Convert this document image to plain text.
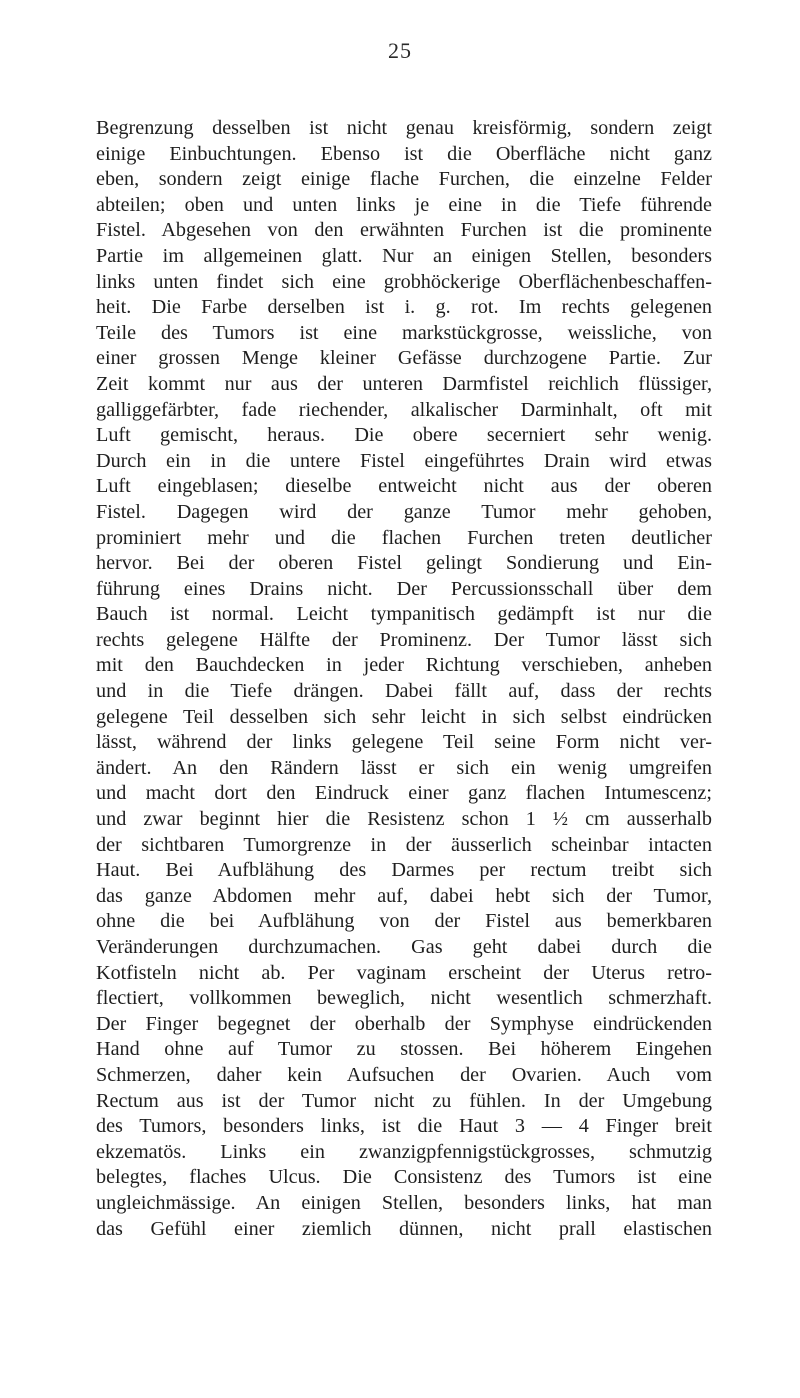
25
Begrenzung desselben ist nicht genau kreisförmig, sondern zeigt
einige Einbuchtungen. Ebenso ist die Oberfläche nicht ganz
eben, sondern zeigt einige flache Furchen, die einzelne Felder
abteilen; oben und unten links je eine in die Tiefe führende
Fistel. Abgesehen von den erwähnten Furchen ist die prominente
Partie im allgemeinen glatt. Nur an einigen Stellen, besonders
links unten findet sich eine grobhöckerige Oberflächenbeschaffen-
heit. Die Farbe derselben ist i. g. rot. Im rechts gelegenen
Teile des Tumors ist eine markstückgrosse, weissliche, von
einer grossen Menge kleiner Gefässe durchzogene Partie. Zur
Zeit kommt nur aus der unteren Darmfistel reichlich flüssiger,
galliggefärbter, fade riechender, alkalischer Darminhalt, oft mit
Luft gemischt, heraus. Die obere secerniert sehr wenig.
Durch ein in die untere Fistel eingeführtes Drain wird etwas
Luft eingeblasen; dieselbe entweicht nicht aus der oberen
Fistel. Dagegen wird der ganze Tumor mehr gehoben,
prominiert mehr und die flachen Furchen treten deutlicher
hervor. Bei der oberen Fistel gelingt Sondierung und Ein-
führung eines Drains nicht. Der Percussionsschall über dem
Bauch ist normal. Leicht tympanitisch gedämpft ist nur die
rechts gelegene Hälfte der Prominenz. Der Tumor lässt sich
mit den Bauchdecken in jeder Richtung verschieben, anheben
und in die Tiefe drängen. Dabei fällt auf, dass der rechts
gelegene Teil desselben sich sehr leicht in sich selbst eindrücken
lässt, während der links gelegene Teil seine Form nicht ver-
ändert. An den Rändern lässt er sich ein wenig umgreifen
und macht dort den Eindruck einer ganz flachen Intumescenz;
und zwar beginnt hier die Resistenz schon 1 ½ cm ausserhalb
der sichtbaren Tumorgrenze in der äusserlich scheinbar intacten
Haut. Bei Aufblähung des Darmes per rectum treibt sich
das ganze Abdomen mehr auf, dabei hebt sich der Tumor,
ohne die bei Aufblähung von der Fistel aus bemerkbaren
Veränderungen durchzumachen. Gas geht dabei durch die
Kotfisteln nicht ab. Per vaginam erscheint der Uterus retro-
flectiert, vollkommen beweglich, nicht wesentlich schmerzhaft.
Der Finger begegnet der oberhalb der Symphyse eindrückenden
Hand ohne auf Tumor zu stossen. Bei höherem Eingehen
Schmerzen, daher kein Aufsuchen der Ovarien. Auch vom
Rectum aus ist der Tumor nicht zu fühlen. In der Umgebung
des Tumors, besonders links, ist die Haut 3 — 4 Finger breit
ekzematös. Links ein zwanzigpfennigstückgrosses, schmutzig
belegtes, flaches Ulcus. Die Consistenz des Tumors ist eine
ungleichmässige. An einigen Stellen, besonders links, hat man
das Gefühl einer ziemlich dünnen, nicht prall elastischen
